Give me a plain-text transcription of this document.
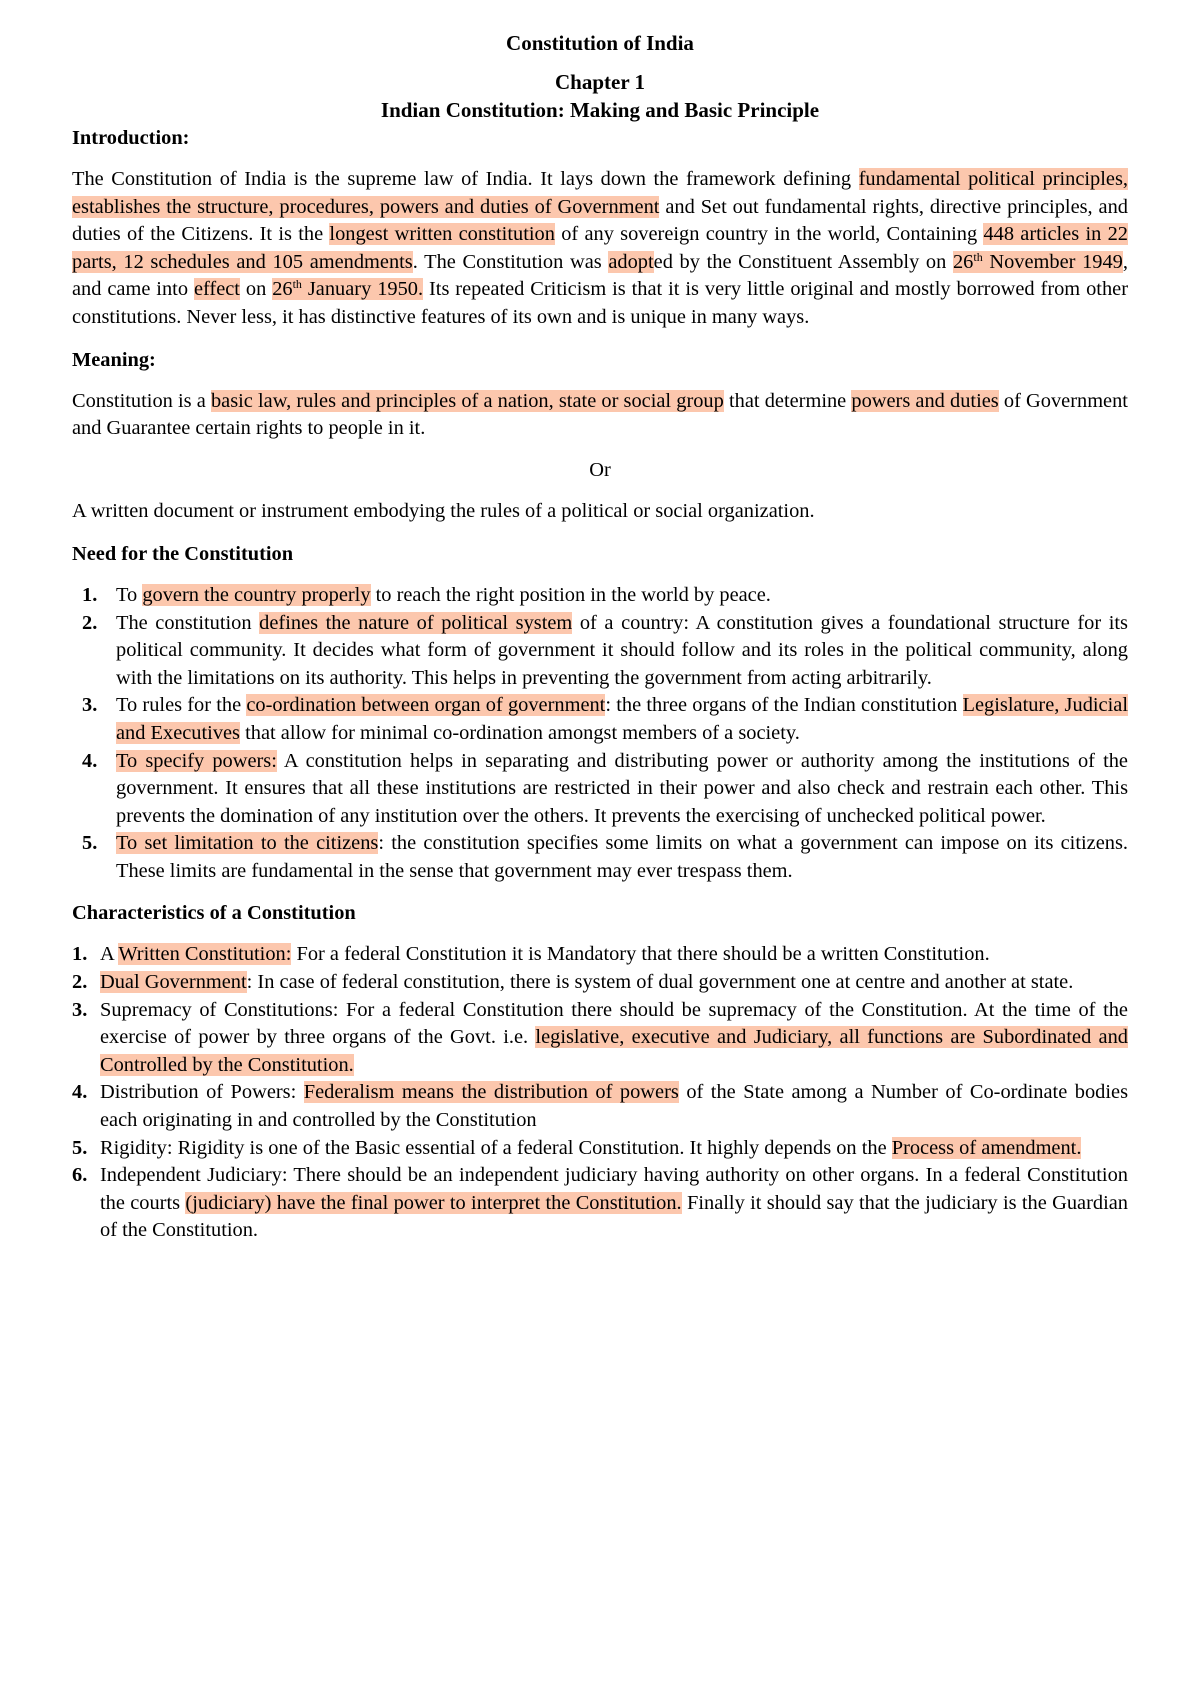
Constitution of India
Chapter 1
Indian Constitution: Making and Basic Principle
Introduction:

The Constitution of India is the supreme law of India. It lays down the framework defining fundamental political principles, establishes the structure, procedures, powers and duties of Government and Set out fundamental rights, directive principles, and duties of the Citizens. It is the longest written constitution of any sovereign country in the world, Containing 448 articles in 22 parts, 12 schedules and 105 amendments. The Constitution was adopted by the Constituent Assembly on 26th November 1949, and came into effect on 26th January 1950. Its repeated Criticism is that it is very little original and mostly borrowed from other constitutions. Never less, it has distinctive features of its own and is unique in many ways.

Meaning:

Constitution is a basic law, rules and principles of a nation, state or social group that determine powers and duties of Government and Guarantee certain rights to people in it.

Or

A written document or instrument embodying the rules of a political or social organization.

Need for the Constitution
1. To govern the country properly to reach the right position in the world by peace.
2. The constitution defines the nature of political system of a country: A constitution gives a foundational structure for its political community. It decides what form of government it should follow and its roles in the political community, along with the limitations on its authority. This helps in preventing the government from acting arbitrarily.
3. To rules for the co-ordination between organ of government: the three organs of the Indian constitution Legislature, Judicial and Executives that allow for minimal co-ordination amongst members of a society.
4. To specify powers: A constitution helps in separating and distributing power or authority among the institutions of the government. It ensures that all these institutions are restricted in their power and also check and restrain each other. This prevents the domination of any institution over the others. It prevents the exercising of unchecked political power.
5. To set limitation to the citizens: the constitution specifies some limits on what a government can impose on its citizens. These limits are fundamental in the sense that government may ever trespass them.
Characteristics of a Constitution
1. A Written Constitution: For a federal Constitution it is Mandatory that there should be a written Constitution.
2. Dual Government: In case of federal constitution, there is system of dual government one at centre and another at state.
3. Supremacy of Constitutions: For a federal Constitution there should be supremacy of the Constitution. At the time of the exercise of power by three organs of the Govt. i.e. legislative, executive and Judiciary, all functions are Subordinated and Controlled by the Constitution.
4. Distribution of Powers: Federalism means the distribution of powers of the State among a Number of Co-ordinate bodies each originating in and controlled by the Constitution
5. Rigidity: Rigidity is one of the Basic essential of a federal Constitution. It highly depends on the Process of amendment.
6. Independent Judiciary: There should be an independent judiciary having authority on other organs. In a federal Constitution the courts (judiciary) have the final power to interpret the Constitution. Finally it should say that the judiciary is the Guardian of the Constitution.
